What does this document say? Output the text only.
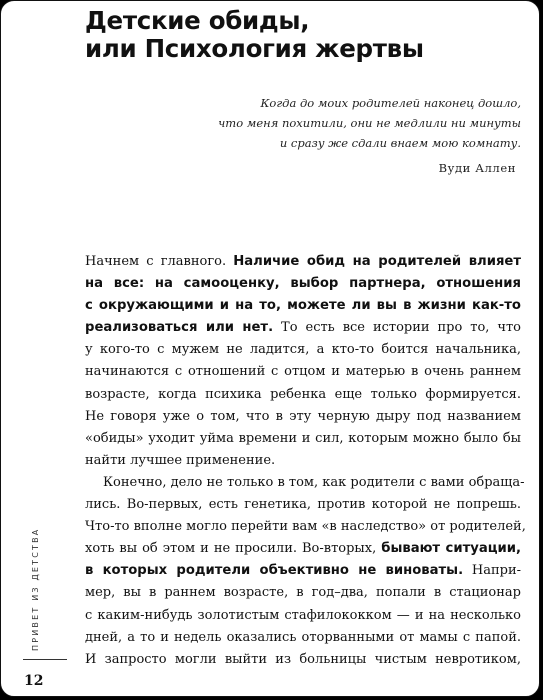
Детские обиды,
или Психология жертвы
Когда до моих родителей наконец дошло,
что меня похитили, они не медлили ни минуты
и сразу же сдали внаем мою комнату.
Вуди Аллен
Начнем с главного. Наличие обид на родителей влияет
на все: на самооценку, выбор партнера, отношения
с окружающими и на то, можете ли вы в жизни как-то
реализоваться или нет. То есть все истории про то, что
у кого-то с мужем не ладится, а кто-то боится начальника,
начинаются с отношений с отцом и матерью в очень раннем
возрасте, когда психика ребенка еще только формируется.
Не говоря уже о том, что в эту черную дыру под названием
«обиды» уходит уйма времени и сил, которым можно было бы
найти лучшее применение.
Конечно, дело не только в том, как родители с вами обраща-
лись. Во-первых, есть генетика, против которой не попрешь.
Что-то вполне могло перейти вам «в наследство» от родителей,
хоть вы об этом и не просили. Во-вторых, бывают ситуации,
в которых родители объективно не виноваты. Напри-
мер, вы в раннем возрасте, в год–два, попали в стационар
с каким-нибудь золотистым стафилококком — и на несколько
дней, а то и недель оказались оторванными от мамы с папой.
И запросто могли выйти из больницы чистым невротиком,
ПРИВЕТ ИЗ ДЕТСТВА
12
